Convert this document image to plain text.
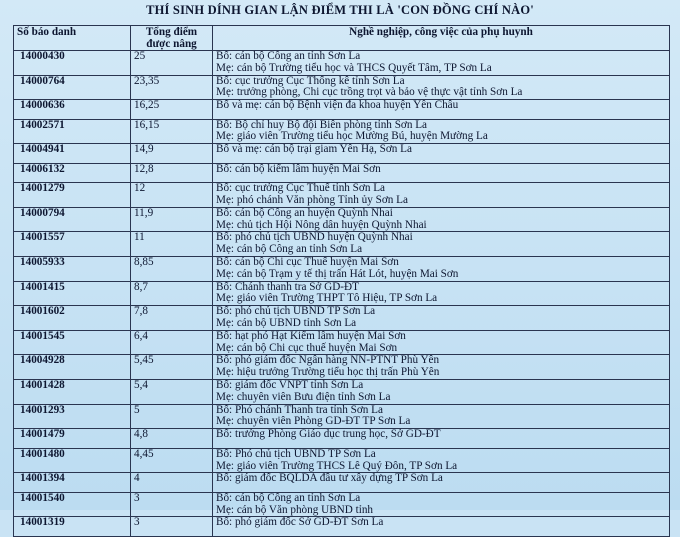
THÍ SINH DÍNH GIAN LẬN ĐIỂM THI LÀ 'CON ĐỒNG CHÍ NÀO'
Số báo danh	Tổng điểm
được nâng	Nghề nghiệp, công việc của phụ huynh
14000430	25	Bố: cán bộ Công an tỉnh Sơn La
Mẹ: cán bộ Trường tiểu học và THCS Quyết Tâm, TP Sơn La

14000764	23,35	Bố: cục trưởng Cục Thống kê tỉnh Sơn La
Mẹ: trưởng phòng, Chi cục trồng trọt và bảo vệ thực vật tỉnh Sơn La

14000636	16,25	Bố và mẹ: cán bộ Bệnh viện đa khoa huyện Yên Châu

14002571	16,15	Bố: Bộ chỉ huy Bộ đội Biên phòng tỉnh Sơn La
Mẹ: giáo viên Trường tiểu học Mường Bú, huyện Mường La

14004941	14,9	Bố và mẹ: cán bộ trại giam Yên Hạ, Sơn La

14006132	12,8	Bố: cán bộ kiểm lâm huyện Mai Sơn

14001279	12	Bố: cục trưởng Cục Thuế tỉnh Sơn La
Mẹ: phó chánh Văn phòng Tỉnh ủy Sơn La

14000794	11,9	Bố: cán bộ Công an huyện Quỳnh Nhai
Mẹ: chủ tịch Hội Nông dân huyện Quỳnh Nhai

14001557	11	Bố: phó chủ tịch UBND huyện Quỳnh Nhai
Mẹ: cán bộ Công an tỉnh Sơn La

14005933	8,85	Bố: cán bộ Chi cục Thuế huyện Mai Sơn
Mẹ: cán bộ Trạm y tế thị trấn Hát Lót, huyện Mai Sơn

14001415	8,7	Bố: Chánh thanh tra Sở GD-ĐT
Mẹ: giáo viên Trường THPT Tô Hiệu, TP Sơn La

14001602	7,8	Bố: phó chủ tịch UBND TP Sơn La
Mẹ: cán bộ UBND tỉnh Sơn La

14001545	6,4	Bố: hạt phó Hạt Kiểm lâm huyện Mai Sơn
Mẹ: cán bộ Chi cục thuế huyện Mai Sơn

14004928	5,45	Bố: phó giám đốc Ngân hàng NN-PTNT Phù Yên
Mẹ: hiệu trưởng Trường tiểu học thị trấn Phù Yên

14001428	5,4	Bố: giám đốc VNPT tỉnh Sơn La
Mẹ: chuyên viên Bưu điện tỉnh Sơn La

14001293	5	Bố: Phó chánh Thanh tra tỉnh Sơn La
Mẹ: chuyên viên Phòng GD-ĐT TP Sơn La

14001479	4,8	Bố: trưởng Phòng Giáo dục trung học, Sở GD-ĐT

14001480	4,45	Bố: Phó chủ tịch UBND TP Sơn La
Mẹ: giáo viên Trường THCS Lê Quý Đôn, TP Sơn La

14001394	4	Bố: giám đốc BQLDA đầu tư xây dựng TP Sơn La

14001540	3	Bố: cán bộ Công an tỉnh Sơn La
Mẹ: cán bộ Văn phòng UBND tỉnh

14001319	3	Bố: phó giám đốc Sở GD-ĐT Sơn La
